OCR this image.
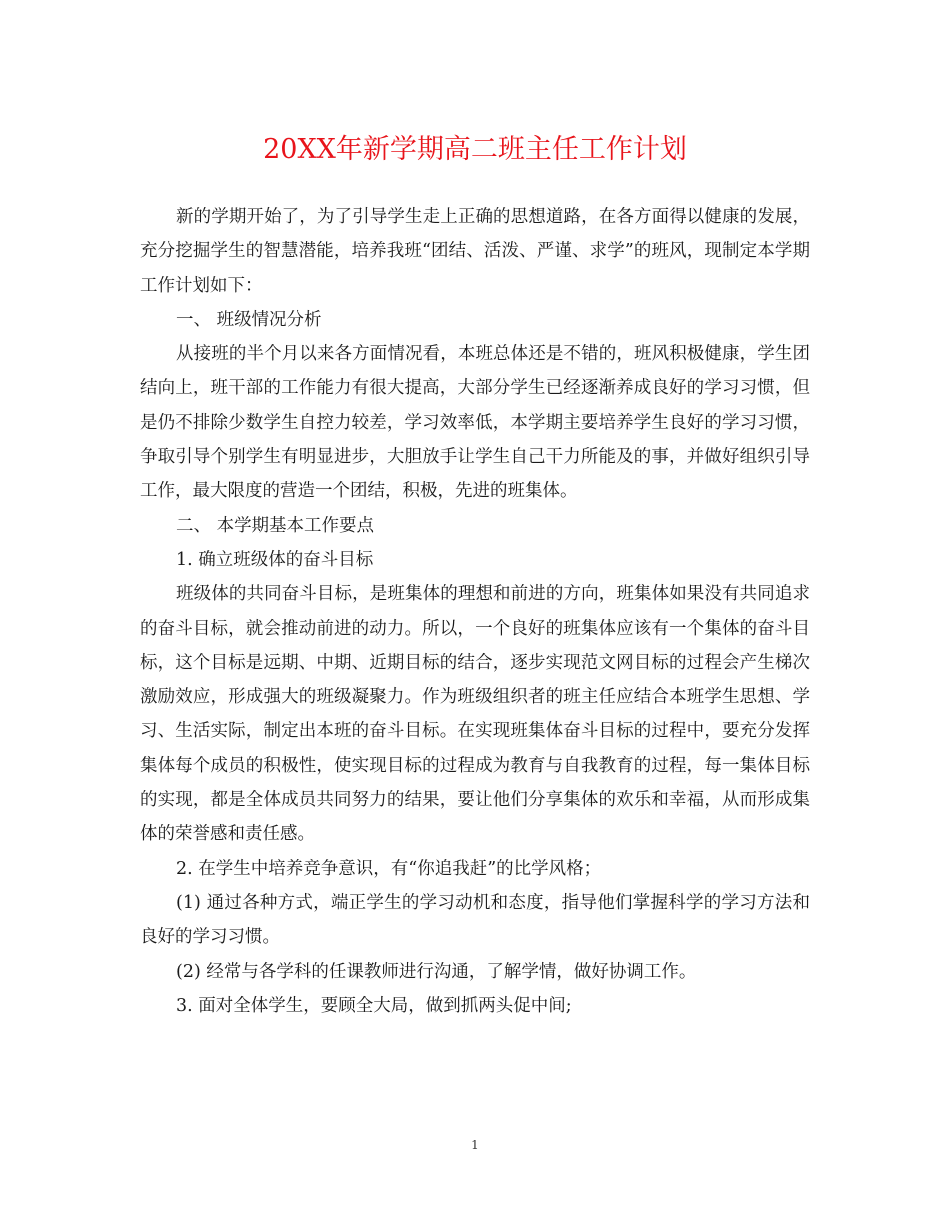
20XX年新学期高二班主任工作计划

新的学期开始了，为了引导学生走上正确的思想道路，在各方面得以健康的发展，充分挖掘学生的智慧潜能，培养我班“团结、活泼、严谨、求学”的班风，现制定本学期工作计划如下：

一、 班级情况分析

从接班的半个月以来各方面情况看，本班总体还是不错的，班风积极健康，学生团结向上，班干部的工作能力有很大提高，大部分学生已经逐渐养成良好的学习习惯，但是仍不排除少数学生自控力较差，学习效率低，本学期主要培养学生良好的学习习惯，争取引导个别学生有明显进步，大胆放手让学生自己干力所能及的事，并做好组织引导工作，最大限度的营造一个团结，积极，先进的班集体。

二、 本学期基本工作要点

1. 确立班级体的奋斗目标

班级体的共同奋斗目标，是班集体的理想和前进的方向，班集体如果没有共同追求的奋斗目标，就会推动前进的动力。所以，一个良好的班集体应该有一个集体的奋斗目标，这个目标是远期、中期、近期目标的结合，逐步实现范文网目标的过程会产生梯次激励效应，形成强大的班级凝聚力。作为班级组织者的班主任应结合本班学生思想、学习、生活实际，制定出本班的奋斗目标。在实现班集体奋斗目标的过程中，要充分发挥集体每个成员的积极性，使实现目标的过程成为教育与自我教育的过程，每一集体目标的实现，都是全体成员共同努力的结果，要让他们分享集体的欢乐和幸福，从而形成集体的荣誉感和责任感。

2. 在学生中培养竞争意识，有“你追我赶”的比学风格；

(1) 通过各种方式，端正学生的学习动机和态度，指导他们掌握科学的学习方法和良好的学习习惯。

(2) 经常与各学科的任课教师进行沟通，了解学情，做好协调工作。

3. 面对全体学生，要顾全大局，做到抓两头促中间;

1
